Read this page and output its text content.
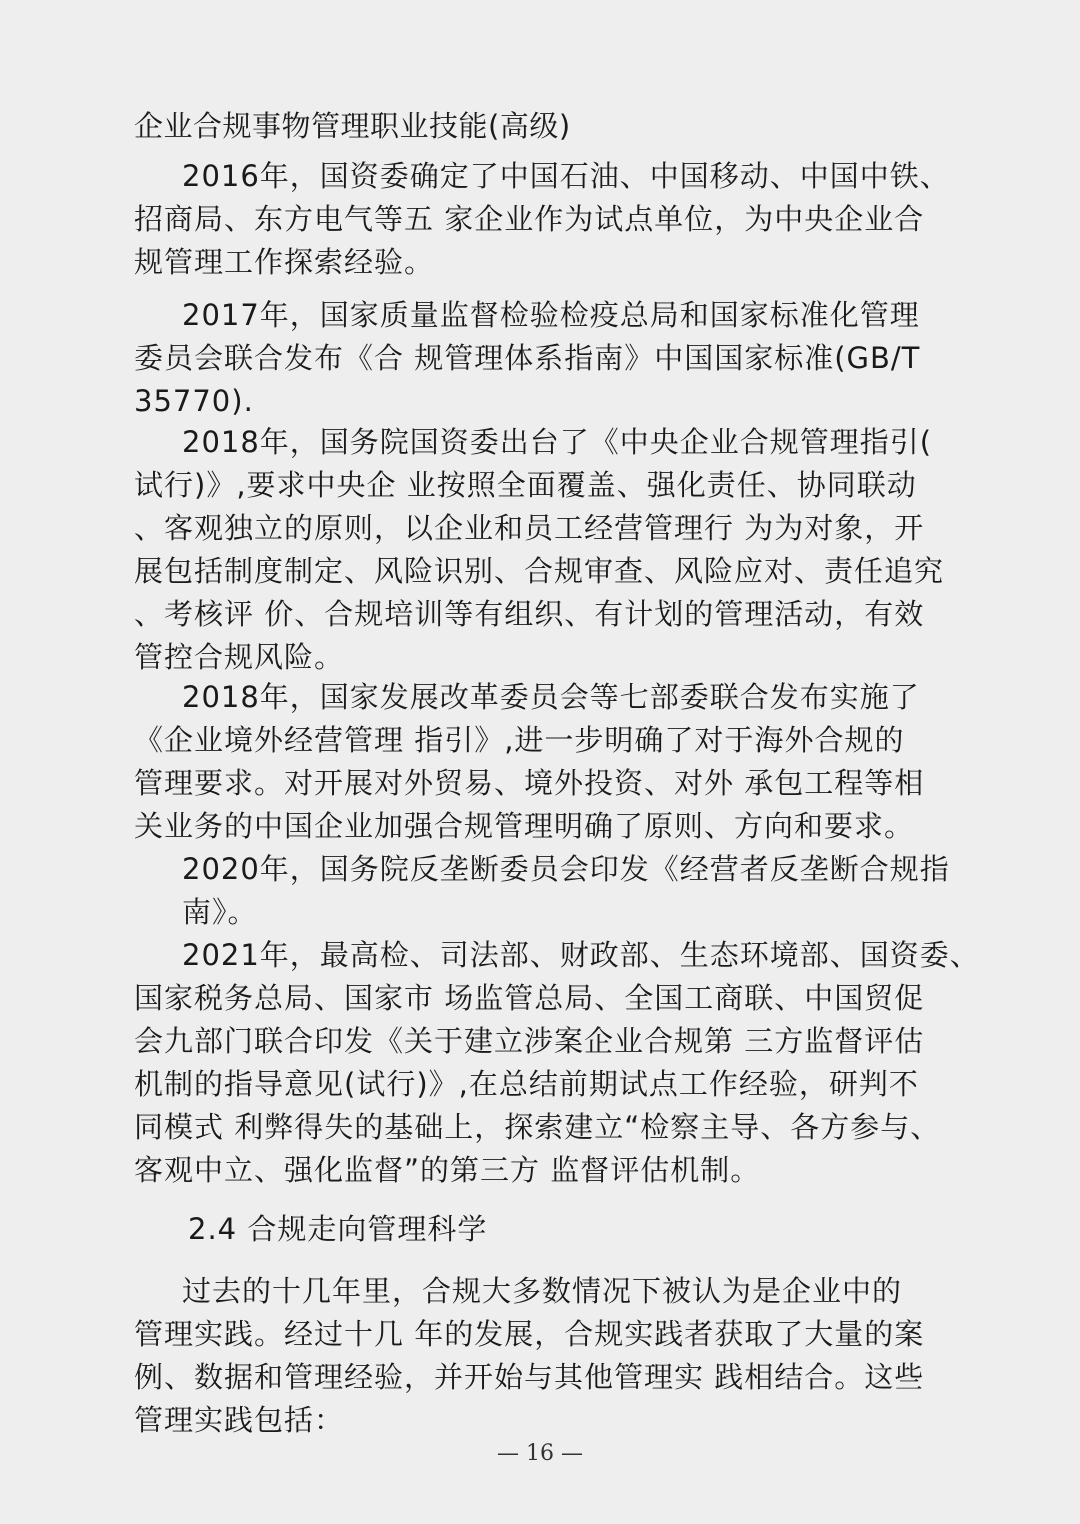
企业合规事物管理职业技能(高级)
2016年，国资委确定了中国石油、中国移动、中国中铁、
招商局、东方电气等五 家企业作为试点单位，为中央企业合
规管理工作探索经验。
2017年，国家质量监督检验检疫总局和国家标准化管理
委员会联合发布《合 规管理体系指南》中国国家标准(GB/T
35770).
2018年，国务院国资委出台了《中央企业合规管理指引(
试行)》,要求中央企 业按照全面覆盖、强化责任、协同联动
、客观独立的原则，以企业和员工经营管理行 为为对象，开
展包括制度制定、风险识别、合规审查、风险应对、责任追究
、考核评 价、合规培训等有组织、有计划的管理活动，有效
管控合规风险。
2018年，国家发展改革委员会等七部委联合发布实施了
《企业境外经营管理 指引》,进一步明确了对于海外合规的
管理要求。对开展对外贸易、境外投资、对外 承包工程等相
关业务的中国企业加强合规管理明确了原则、方向和要求。
2020年，国务院反垄断委员会印发《经营者反垄断合规指
南》。
2021年，最高检、司法部、财政部、生态环境部、国资委、
国家税务总局、国家市 场监管总局、全国工商联、中国贸促
会九部门联合印发《关于建立涉案企业合规第 三方监督评估
机制的指导意见(试行)》,在总结前期试点工作经验，研判不
同模式 利弊得失的基础上，探索建立“检察主导、各方参与、
客观中立、强化监督”的第三方 监督评估机制。
2.4 合规走向管理科学
过去的十几年里，合规大多数情况下被认为是企业中的
管理实践。经过十几 年的发展，合规实践者获取了大量的案
例、数据和管理经验，并开始与其他管理实 践相结合。这些
管理实践包括：
— 16 —
